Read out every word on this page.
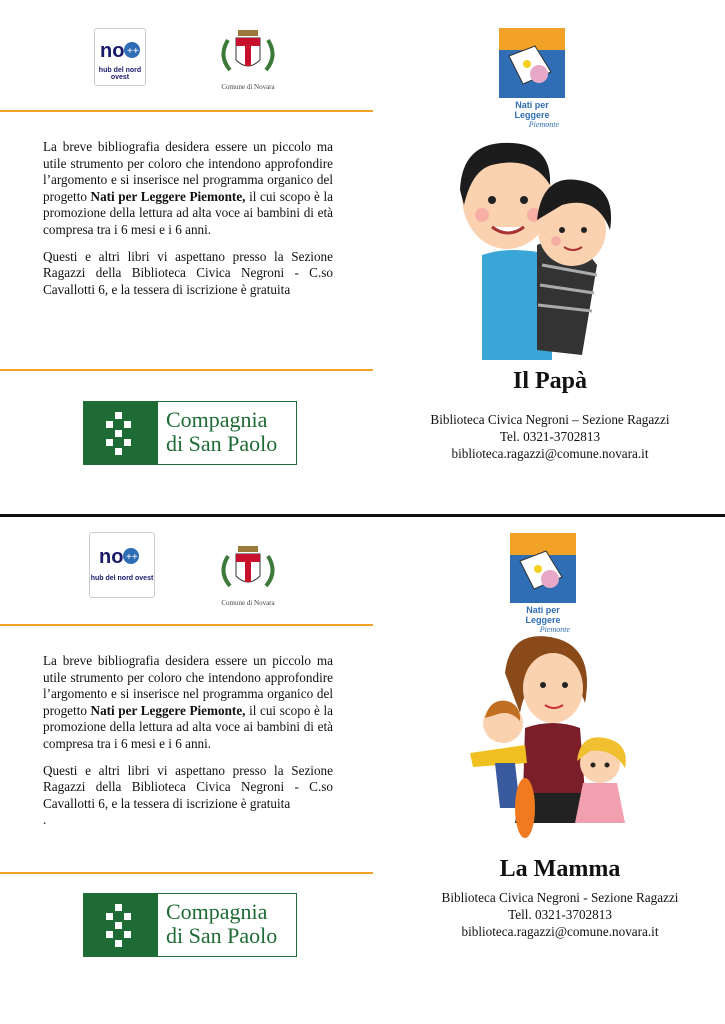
no ++
hub del nord ovest
Comune di Novara

La breve bibliografia desidera essere un piccolo ma utile strumento per coloro che intendono approfondire l’argomento e si inserisce nel programma organico del progetto Nati per Leggere Piemonte, il cui scopo è la promozione della lettura ad alta voce ai bambini di età compresa tra i 6 mesi e i 6 anni.

Questi e altri libri vi aspettano presso la Sezione Ragazzi della Biblioteca Civica Negroni - C.so Cavallotti 6, e la tessera di iscrizione è gratuita

Compagnia
di San Paolo
Nati per Leggere
Piemonte
Il Papà
Biblioteca Civica Negroni – Sezione Ragazzi
Tel. 0321-3702813
biblioteca.ragazzi@comune.novara.it
no ++
hub del nord ovest
Comune di Novara

La breve bibliografia desidera essere un piccolo ma utile strumento per coloro che intendono approfondire l’argomento e si inserisce nel programma organico del progetto Nati per Leggere Piemonte, il cui scopo è la promozione della lettura ad alta voce ai bambini di età compresa tra i 6 mesi e i 6 anni.

Questi e altri libri vi aspettano presso la Sezione Ragazzi della Biblioteca Civica Negroni - C.so Cavallotti 6, e la tessera di iscrizione è gratuita

.
Compagnia
di San Paolo
Nati per Leggere
Piemonte
La Mamma
Biblioteca Civica Negroni - Sezione Ragazzi
Tell. 0321-3702813
biblioteca.ragazzi@comune.novara.it
